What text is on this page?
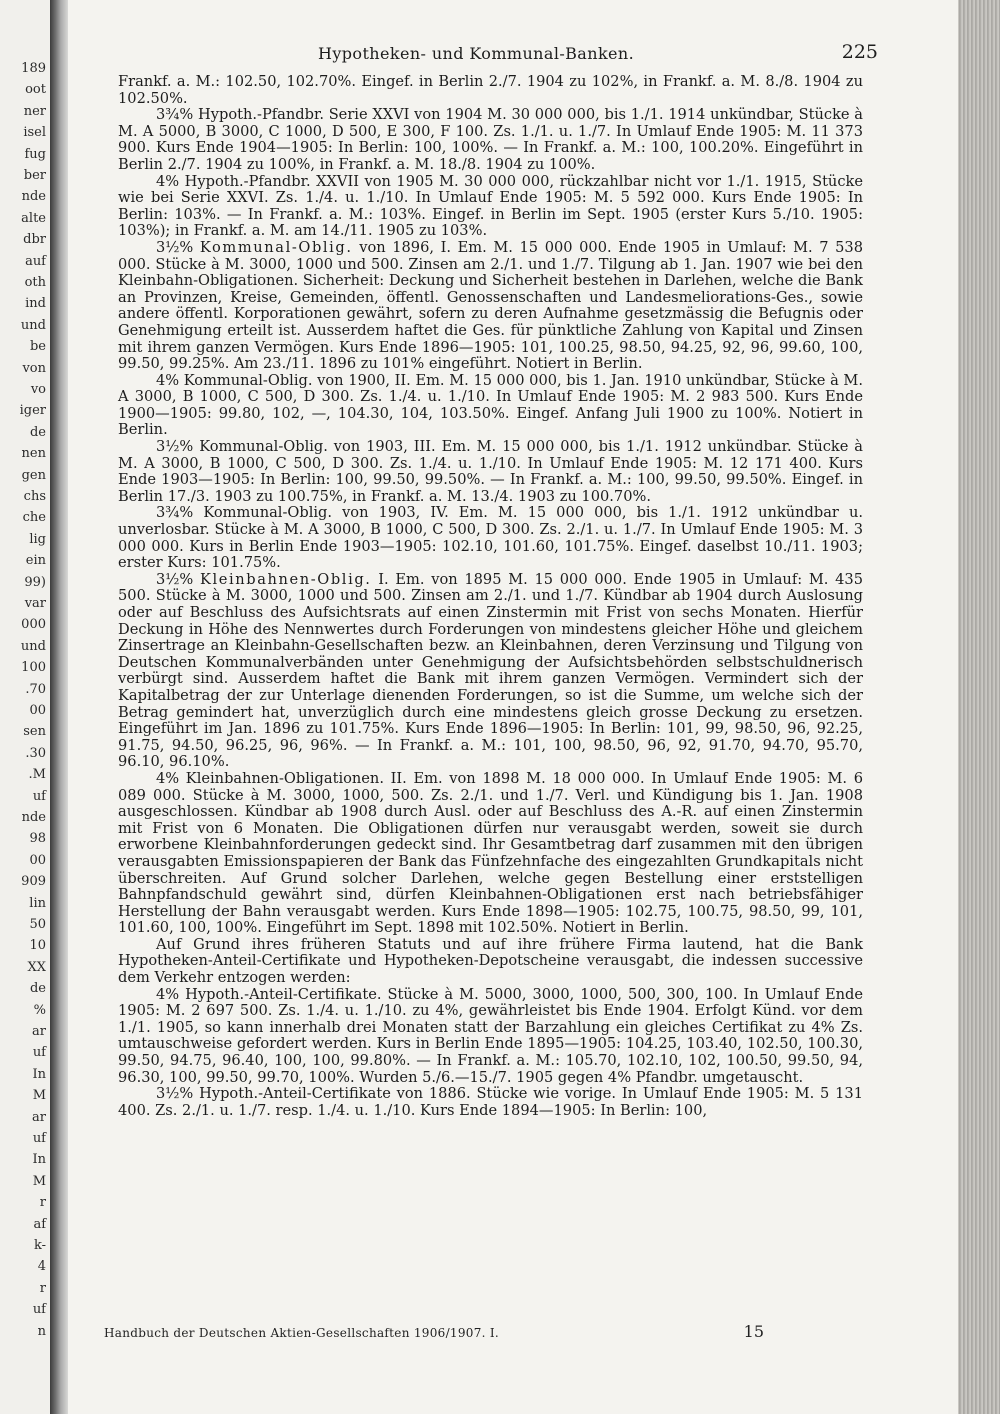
189
oot
ner
isel
fug
ber
nde
alte
dbr
auf
oth
ind
und
be
von
vo
iger
de
nen
gen
chs
che
lig
ein
99)
var
000
und
100
.70
00
sen
.30
.M
uf
nde
98
00
909
lin
50
10
XX
de
%
ar
uf
In
M
ar
uf
In
M
r
af
k-
4
r
uf
n
Hypotheken- und Kommunal-Banken.	225

Frankf. a. M.: 102.50, 102.70%. Eingef. in Berlin 2./7. 1904 zu 102%, in Frankf. a. M. 8./8. 1904 zu 102.50%.

3¾% Hypoth.-Pfandbr. Serie XXVI von 1904 M. 30 000 000, bis 1./1. 1914 unkündbar, Stücke à M. A 5000, B 3000, C 1000, D 500, E 300, F 100. Zs. 1./1. u. 1./7. In Umlauf Ende 1905: M. 11 373 900. Kurs Ende 1904—1905: In Berlin: 100, 100%. — In Frankf. a. M.: 100, 100.20%. Eingeführt in Berlin 2./7. 1904 zu 100%, in Frankf. a. M. 18./8. 1904 zu 100%.

4% Hypoth.-Pfandbr. XXVII von 1905 M. 30 000 000, rückzahlbar nicht vor 1./1. 1915, Stücke wie bei Serie XXVI. Zs. 1./4. u. 1./10. In Umlauf Ende 1905: M. 5 592 000. Kurs Ende 1905: In Berlin: 103%. — In Frankf. a. M.: 103%. Eingef. in Berlin im Sept. 1905 (erster Kurs 5./10. 1905: 103%); in Frankf. a. M. am 14./11. 1905 zu 103%.

3½% Kommunal-Oblig. von 1896, I. Em. M. 15 000 000. Ende 1905 in Umlauf: M. 7 538 000. Stücke à M. 3000, 1000 und 500. Zinsen am 2./1. und 1./7. Tilgung ab 1. Jan. 1907 wie bei den Kleinbahn-Obligationen. Sicherheit: Deckung und Sicherheit bestehen in Darlehen, welche die Bank an Provinzen, Kreise, Gemeinden, öffentl. Genossenschaften und Landesmeliorations-Ges., sowie andere öffentl. Korporationen gewährt, sofern zu deren Aufnahme gesetzmässig die Befugnis oder Genehmigung erteilt ist. Ausserdem haftet die Ges. für pünktliche Zahlung von Kapital und Zinsen mit ihrem ganzen Vermögen. Kurs Ende 1896—1905: 101, 100.25, 98.50, 94.25, 92, 96, 99.60, 100, 99.50, 99.25%. Am 23./11. 1896 zu 101% eingeführt. Notiert in Berlin.

4% Kommunal-Oblig. von 1900, II. Em. M. 15 000 000, bis 1. Jan. 1910 unkündbar, Stücke à M. A 3000, B 1000, C 500, D 300. Zs. 1./4. u. 1./10. In Umlauf Ende 1905: M. 2 983 500. Kurs Ende 1900—1905: 99.80, 102, —, 104.30, 104, 103.50%. Eingef. Anfang Juli 1900 zu 100%. Notiert in Berlin.

3½% Kommunal-Oblig. von 1903, III. Em. M. 15 000 000, bis 1./1. 1912 unkündbar. Stücke à M. A 3000, B 1000, C 500, D 300. Zs. 1./4. u. 1./10. In Umlauf Ende 1905: M. 12 171 400. Kurs Ende 1903—1905: In Berlin: 100, 99.50, 99.50%. — In Frankf. a. M.: 100, 99.50, 99.50%. Eingef. in Berlin 17./3. 1903 zu 100.75%, in Frankf. a. M. 13./4. 1903 zu 100.70%.

3¾% Kommunal-Oblig. von 1903, IV. Em. M. 15 000 000, bis 1./1. 1912 unkündbar u. unverlosbar. Stücke à M. A 3000, B 1000, C 500, D 300. Zs. 2./1. u. 1./7. In Umlauf Ende 1905: M. 3 000 000. Kurs in Berlin Ende 1903—1905: 102.10, 101.60, 101.75%. Eingef. daselbst 10./11. 1903; erster Kurs: 101.75%.

3½% Kleinbahnen-Oblig. I. Em. von 1895 M. 15 000 000. Ende 1905 in Umlauf: M. 435 500. Stücke à M. 3000, 1000 und 500. Zinsen am 2./1. und 1./7. Kündbar ab 1904 durch Auslosung oder auf Beschluss des Aufsichtsrats auf einen Zinstermin mit Frist von sechs Monaten. Hierfür Deckung in Höhe des Nennwertes durch Forderungen von mindestens gleicher Höhe und gleichem Zinsertrage an Kleinbahn-Gesellschaften bezw. an Kleinbahnen, deren Verzinsung und Tilgung von Deutschen Kommunalverbänden unter Genehmigung der Aufsichtsbehörden selbstschuldnerisch verbürgt sind. Ausserdem haftet die Bank mit ihrem ganzen Vermögen. Vermindert sich der Kapitalbetrag der zur Unterlage dienenden Forderungen, so ist die Summe, um welche sich der Betrag gemindert hat, unverzüglich durch eine mindestens gleich grosse Deckung zu ersetzen. Eingeführt im Jan. 1896 zu 101.75%. Kurs Ende 1896—1905: In Berlin: 101, 99, 98.50, 96, 92.25, 91.75, 94.50, 96.25, 96, 96%. — In Frankf. a. M.: 101, 100, 98.50, 96, 92, 91.70, 94.70, 95.70, 96.10, 96.10%.

4% Kleinbahnen-Obligationen. II. Em. von 1898 M. 18 000 000. In Umlauf Ende 1905: M. 6 089 000. Stücke à M. 3000, 1000, 500. Zs. 2./1. und 1./7. Verl. und Kündigung bis 1. Jan. 1908 ausgeschlossen. Kündbar ab 1908 durch Ausl. oder auf Beschluss des A.-R. auf einen Zinstermin mit Frist von 6 Monaten. Die Obligationen dürfen nur verausgabt werden, soweit sie durch erworbene Kleinbahnforderungen gedeckt sind. Ihr Gesamtbetrag darf zusammen mit den übrigen verausgabten Emissionspapieren der Bank das Fünfzehnfache des eingezahlten Grundkapitals nicht überschreiten. Auf Grund solcher Darlehen, welche gegen Bestellung einer erststelligen Bahnpfandschuld gewährt sind, dürfen Kleinbahnen-Obligationen erst nach betriebsfähiger Herstellung der Bahn verausgabt werden. Kurs Ende 1898—1905: 102.75, 100.75, 98.50, 99, 101, 101.60, 100, 100%. Eingeführt im Sept. 1898 mit 102.50%. Notiert in Berlin.

Auf Grund ihres früheren Statuts und auf ihre frühere Firma lautend, hat die Bank Hypotheken-Anteil-Certifikate und Hypotheken-Depotscheine verausgabt, die indessen successive dem Verkehr entzogen werden:

4% Hypoth.-Anteil-Certifikate. Stücke à M. 5000, 3000, 1000, 500, 300, 100. In Umlauf Ende 1905: M. 2 697 500. Zs. 1./4. u. 1./10. zu 4%, gewährleistet bis Ende 1904. Erfolgt Künd. vor dem 1./1. 1905, so kann innerhalb drei Monaten statt der Barzahlung ein gleiches Certifikat zu 4% Zs. umtauschweise gefordert werden. Kurs in Berlin Ende 1895—1905: 104.25, 103.40, 102.50, 100.30, 99.50, 94.75, 96.40, 100, 100, 99.80%. — In Frankf. a. M.: 105.70, 102.10, 102, 100.50, 99.50, 94, 96.30, 100, 99.50, 99.70, 100%. Wurden 5./6.—15./7. 1905 gegen 4% Pfandbr. umgetauscht.

3½% Hypoth.-Anteil-Certifikate von 1886. Stücke wie vorige. In Umlauf Ende 1905: M. 5 131 400. Zs. 2./1. u. 1./7. resp. 1./4. u. 1./10. Kurs Ende 1894—1905: In Berlin: 100,

Handbuch der Deutschen Aktien-Gesellschaften 1906/1907. I.	15
